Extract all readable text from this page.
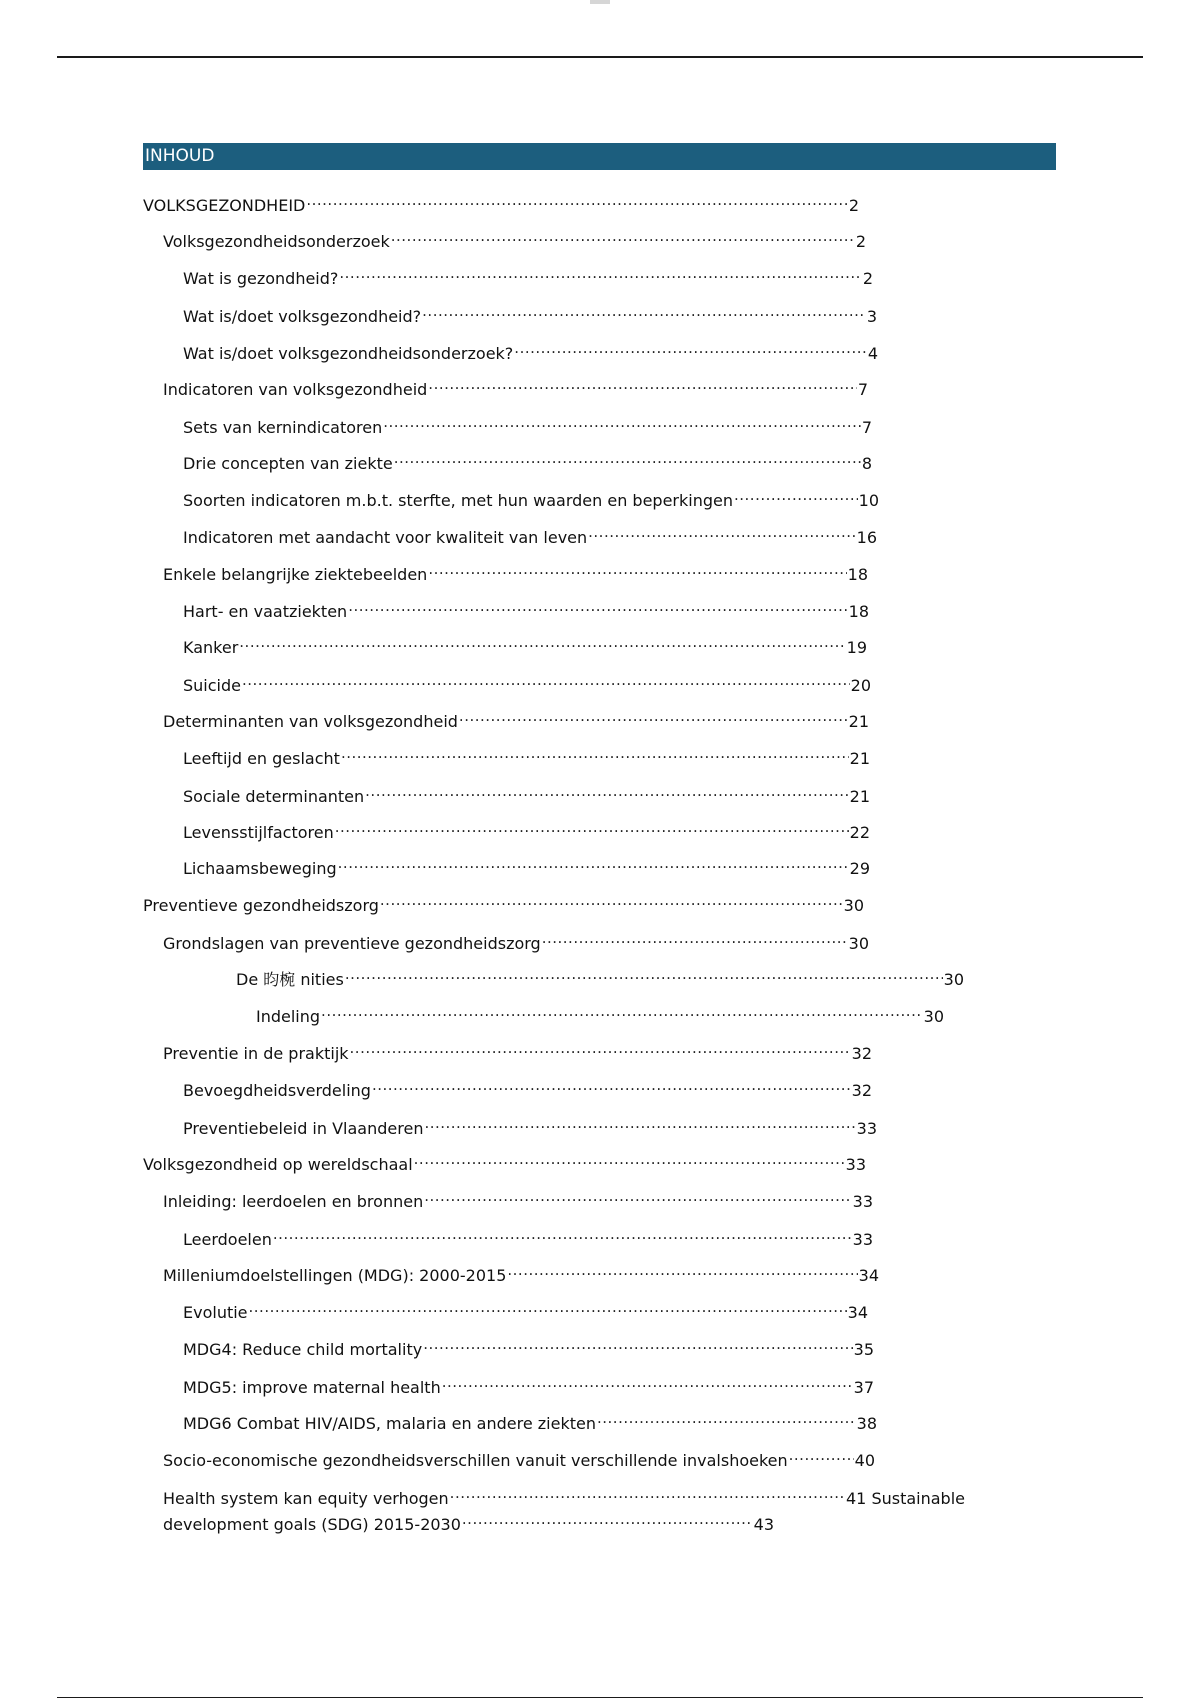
INHOUD
VOLKSGEZONDHEID .....	2
Volksgezondheidsonderzoek .....	2
Wat is gezondheid? .....	2
Wat is/doet volksgezondheid? .....	3
Wat is/doet volksgezondheidsonderzoek? .....	4
Indicatoren van volksgezondheid .....	7
Sets van kernindicatoren .....	7
Drie concepten van ziekte .....	8
Soorten indicatoren m.b.t. sterfte, met hun waarden en beperkingen .....	10
Indicatoren met aandacht voor kwaliteit van leven .....	16
Enkele belangrijke ziektebeelden .....	18
Hart- en vaatziekten .....	18
Kanker .....	19
Suicide .....	20
Determinanten van volksgezondheid .....	21
Leeftijd en geslacht .....	21
Sociale determinanten .....	21
Levensstijlfactoren .....	22
Lichaamsbeweging .....	29
Preventieve gezondheidszorg .....	30
Grondslagen van preventieve gezondheidszorg .....	30
De 昀椀 nities .....	30
Indeling .....	30
Preventie in de praktijk .....	32
Bevoegdheidsverdeling .....	32
Preventiebeleid in Vlaanderen .....	33
Volksgezondheid op wereldschaal .....	33
Inleiding: leerdoelen en bronnen .....	33
Leerdoelen .....	33
Milleniumdoelstellingen (MDG): 2000-2015 .....	34
Evolutie .....	34
MDG4: Reduce child mortality .....	35
MDG5: improve maternal health .....	37
MDG6 Combat HIV/AIDS, malaria en andere ziekten .....	38
Socio-economische gezondheidsverschillen vanuit verschillende invalshoeken .....	40
Health system kan equity verhogen .....	41 Sustainable
development goals (SDG) 2015-2030 .....	43
